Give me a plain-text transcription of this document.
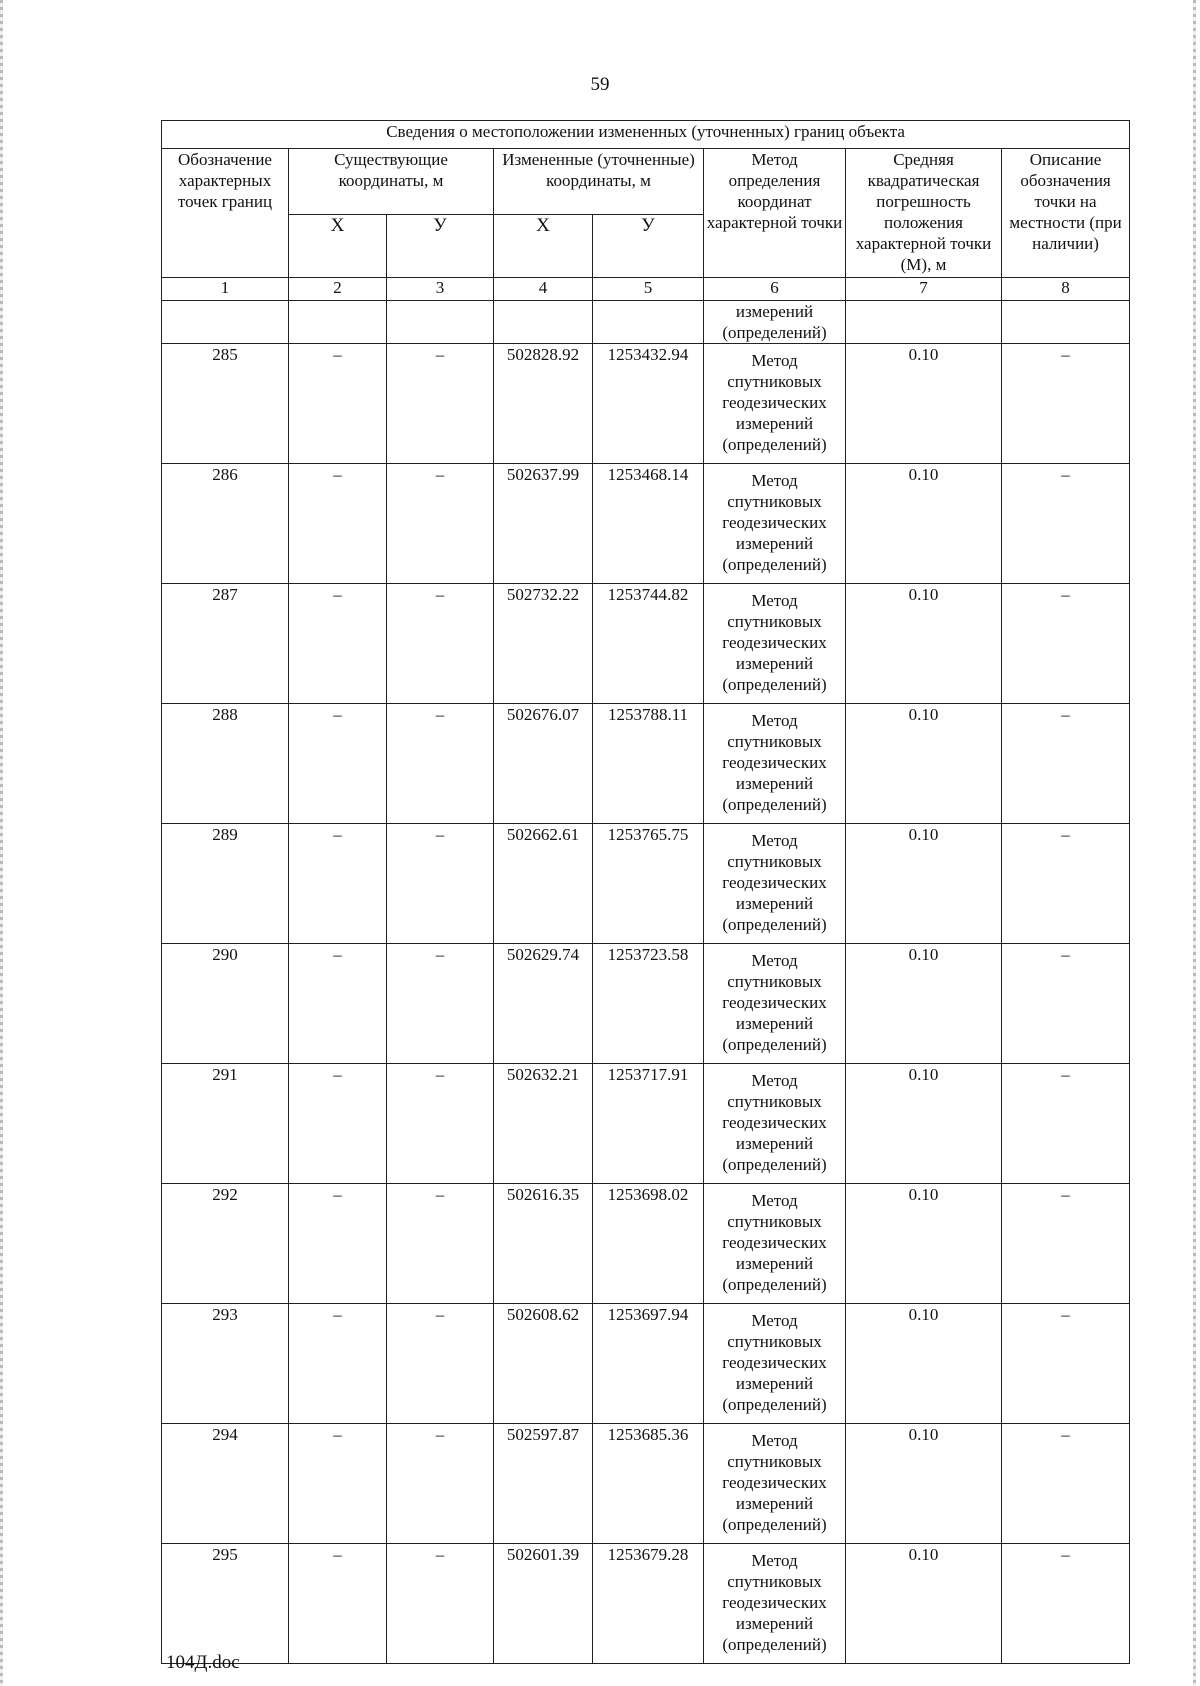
59
Сведения о местоположении измененных (уточненных) границ объекта							
Обозначение характерных точек границ	Существующие координаты, м		Измененные (уточненные) координаты, м		Метод определения координат характерной точки	Средняя квадратическая погрешность положения характерной точки (М), м	Описание обозначения точки на местности (при наличии)
	Х	У	Х	У			
1	2	3	4	5	6	7	8
					измерений (определений)		
285	–	–	502828.92	1253432.94	Метод спутниковых геодезических измерений (определений)	0.10	–
286	–	–	502637.99	1253468.14	Метод спутниковых геодезических измерений (определений)	0.10	–
287	–	–	502732.22	1253744.82	Метод спутниковых геодезических измерений (определений)	0.10	–
288	–	–	502676.07	1253788.11	Метод спутниковых геодезических измерений (определений)	0.10	–
289	–	–	502662.61	1253765.75	Метод спутниковых геодезических измерений (определений)	0.10	–
290	–	–	502629.74	1253723.58	Метод спутниковых геодезических измерений (определений)	0.10	–
291	–	–	502632.21	1253717.91	Метод спутниковых геодезических измерений (определений)	0.10	–
292	–	–	502616.35	1253698.02	Метод спутниковых геодезических измерений (определений)	0.10	–
293	–	–	502608.62	1253697.94	Метод спутниковых геодезических измерений (определений)	0.10	–
294	–	–	502597.87	1253685.36	Метод спутниковых геодезических измерений (определений)	0.10	–
295	–	–	502601.39	1253679.28	Метод спутниковых геодезических измерений (определений)	0.10	–
104Д.doc
